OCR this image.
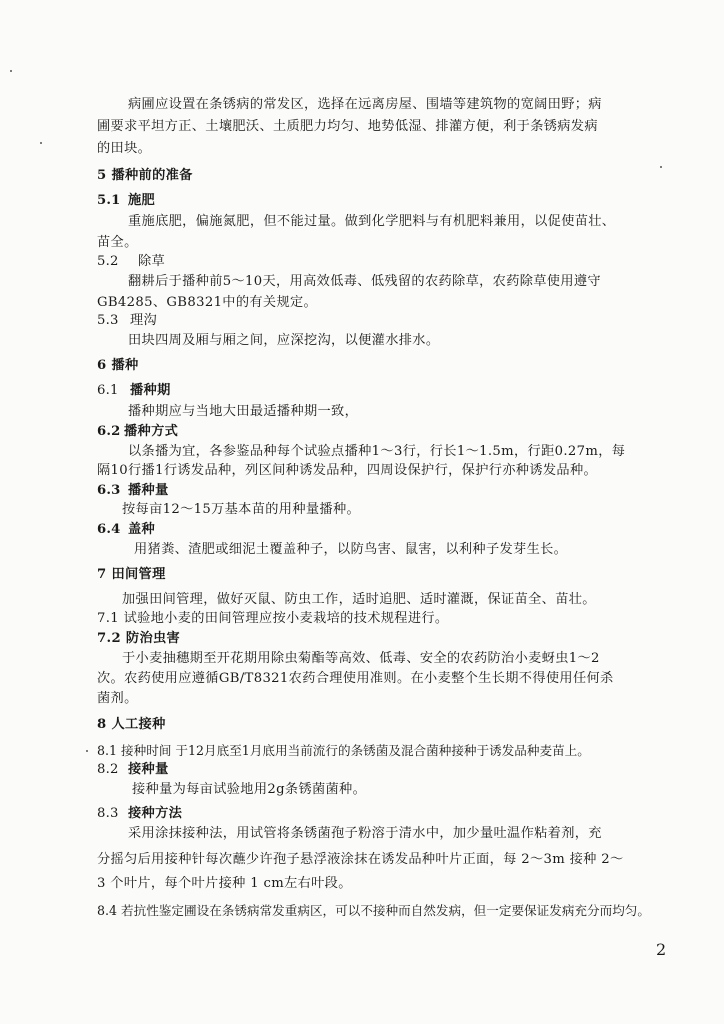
病圃应设置在条锈病的常发区，选择在远离房屋、围墙等建筑物的宽阔田野；病
圃要求平坦方正、土壤肥沃、土质肥力均匀、地势低湿、排灌方便，利于条锈病发病
的田块。
5 播种前的准备
5.1 施肥
重施底肥，偏施氮肥，但不能过量。做到化学肥料与有机肥料兼用，以促使苗壮、
苗全。
5.2 除草
翻耕后于播种前5～10天，用高效低毒、低残留的农药除草，农药除草使用遵守
GB4285、GB8321中的有关规定。
5.3 理沟
田块四周及厢与厢之间，应深挖沟，以便灌水排水。
6 播种
6.1 播种期
播种期应与当地大田最适播种期一致，
6.2 播种方式
以条播为宜，各参鉴品种每个试验点播种1～3行，行长1～1.5m，行距0.27m，每
隔10行播1行诱发品种，列区间种诱发品种，四周设保护行，保护行亦种诱发品种。
6.3 播种量
按每亩12～15万基本苗的用种量播种。
6.4 盖种
用猪粪、渣肥或细泥土覆盖种子，以防鸟害、鼠害，以利种子发芽生长。
7 田间管理
加强田间管理，做好灭鼠、防虫工作，适时追肥、适时灌溉，保证苗全、苗壮。
7.1 试验地小麦的田间管理应按小麦栽培的技术规程进行。
7.2 防治虫害
于小麦抽穗期至开花期用除虫菊酯等高效、低毒、安全的农药防治小麦蚜虫1～2
次。农药使用应遵循GB/T8321农药合理使用准则。在小麦整个生长期不得使用任何杀
菌剂。
8 人工接种
8.1 接种时间 于12月底至1月底用当前流行的条锈菌及混合菌种接种于诱发品种麦苗上。
8.2 接种量
接种量为每亩试验地用2g条锈菌菌种。
8.3 接种方法
采用涂抹接种法，用试管将条锈菌孢子粉溶于清水中，加少量吐温作粘着剂，充
分摇匀后用接种针每次蘸少许孢子悬浮液涂抹在诱发品种叶片正面，每 2～3m 接种 2～
3 个叶片，每个叶片接种 1 cm左右叶段。
8.4 若抗性鉴定圃设在条锈病常发重病区，可以不接种而自然发病，但一定要保证发病充分而均匀。
2
